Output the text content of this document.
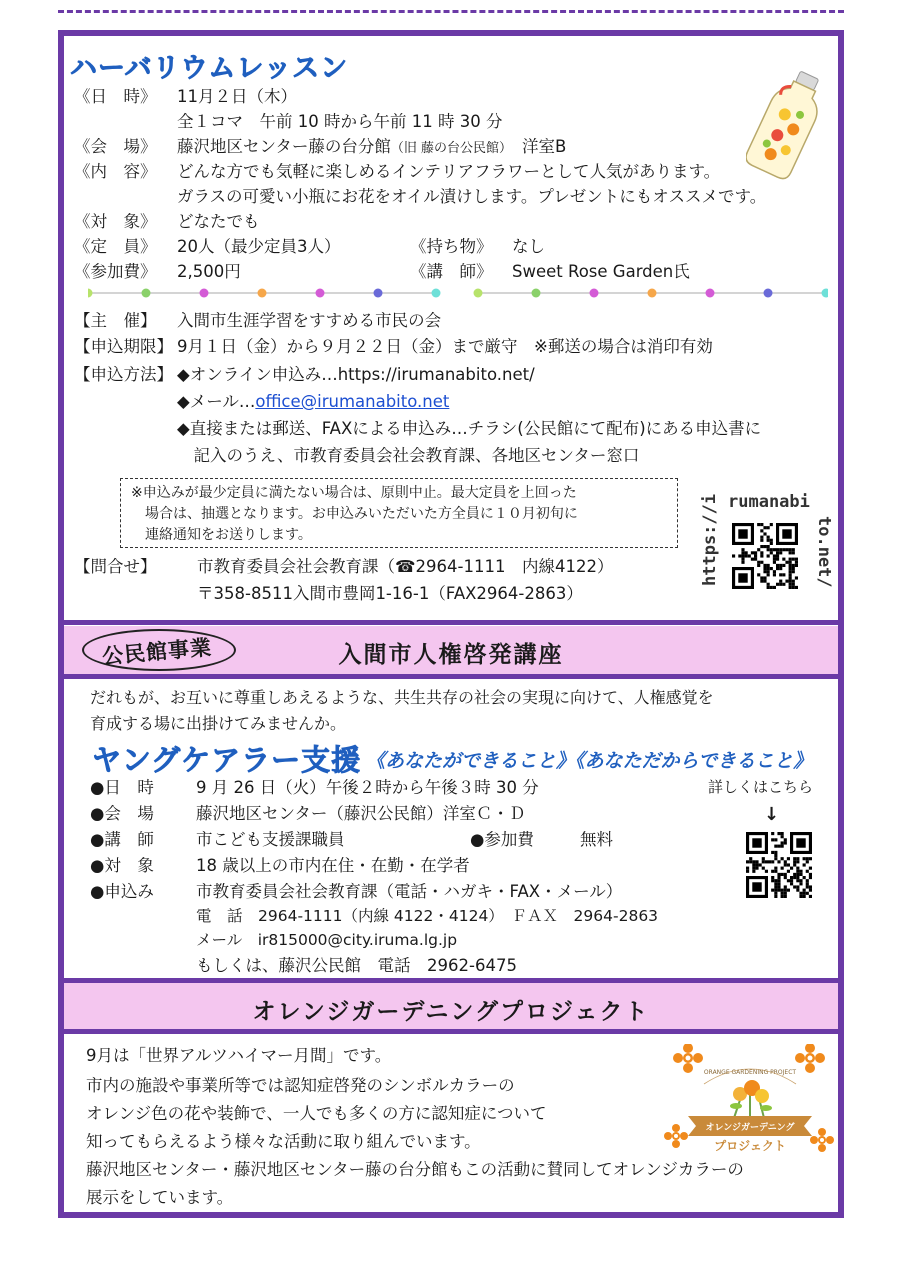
ハーバリウムレッスン
《日　時》	11月２日（木）
全１コマ　午前 10 時から午前 11 時 30 分
《会　場》	藤沢地区センター藤の台分館（旧 藤の台公民館）　洋室B
《内　容》	どんな方でも気軽に楽しめるインテリアフラワーとして人気があります。
ガラスの可愛い小瓶にお花をオイル漬けします。プレゼントにもオススメです。
《対　象》	どなたでも
《定　員》	20人（最少定員3人）	《持ち物》 なし
《参加費》	2,500円	《講　師》 Sweet Rose Garden氏
【主　催】	入間市生涯学習をすすめる市民の会
【申込期限】 9月１日（金）から９月２２日（金）まで厳守　※郵送の場合は消印有効
【申込方法】 ◆オンライン申込み…https://irumanabito.net/
◆メール…office@irumanabito.net
◆直接または郵送、FAXによる申込み…チラシ(公民館にて配布)にある申込書に
　記入のうえ、市教育委員会社会教育課、各地区センター窓口
※申込みが最少定員に満たない場合は、原則中止。最大定員を上回った
　場合は、抽選となります。お申込みいただいた方全員に１０月初旬に
　連絡通知をお送りします。	https://i rumanabi
to.net/
【問合せ】	市教育委員会社会教育課（☎2964-1111　内線4122）
〒358-8511入間市豊岡1-16-1（FAX2964-2863）
公民館事業	入間市人権啓発講座
だれもが、お互いに尊重しあえるような、共生共存の社会の実現に向けて、人権感覚を
育成する場に出掛けてみませんか。
ヤングケアラー支援 《あなたができること》《あなただからできること》
詳しくはこちら
↓
●日　時	9 月 26 日（火）午後２時から午後３時 30 分
●会　場	藤沢地区センター（藤沢公民館）洋室Ｃ・Ｄ
●講　師	市こども支援課職員	●参加費	無料
●対　象	18 歳以上の市内在住・在勤・在学者
●申込み	市教育委員会社会教育課（電話・ハガキ・FAX・メール）
電　話　2964-1111（内線 4122・4124）　ＦＡＸ　2964-2863
メール　ir815000@city.iruma.lg.jp
もしくは、藤沢公民館　電話　2962-6475
オレンジガーデニングプロジェクト
9月は「世界アルツハイマー月間」です。
市内の施設や事業所等では認知症啓発のシンボルカラーの
オレンジ色の花や装飾で、一人でも多くの方に認知症について
知ってもらえるよう様々な活動に取り組んでいます。
藤沢地区センター・藤沢地区センター藤の台分館もこの活動に賛同してオレンジカラーの
展示をしています。
ORANGE GARDENING PROJECT
オレンジガーデニング
プロジェクト
